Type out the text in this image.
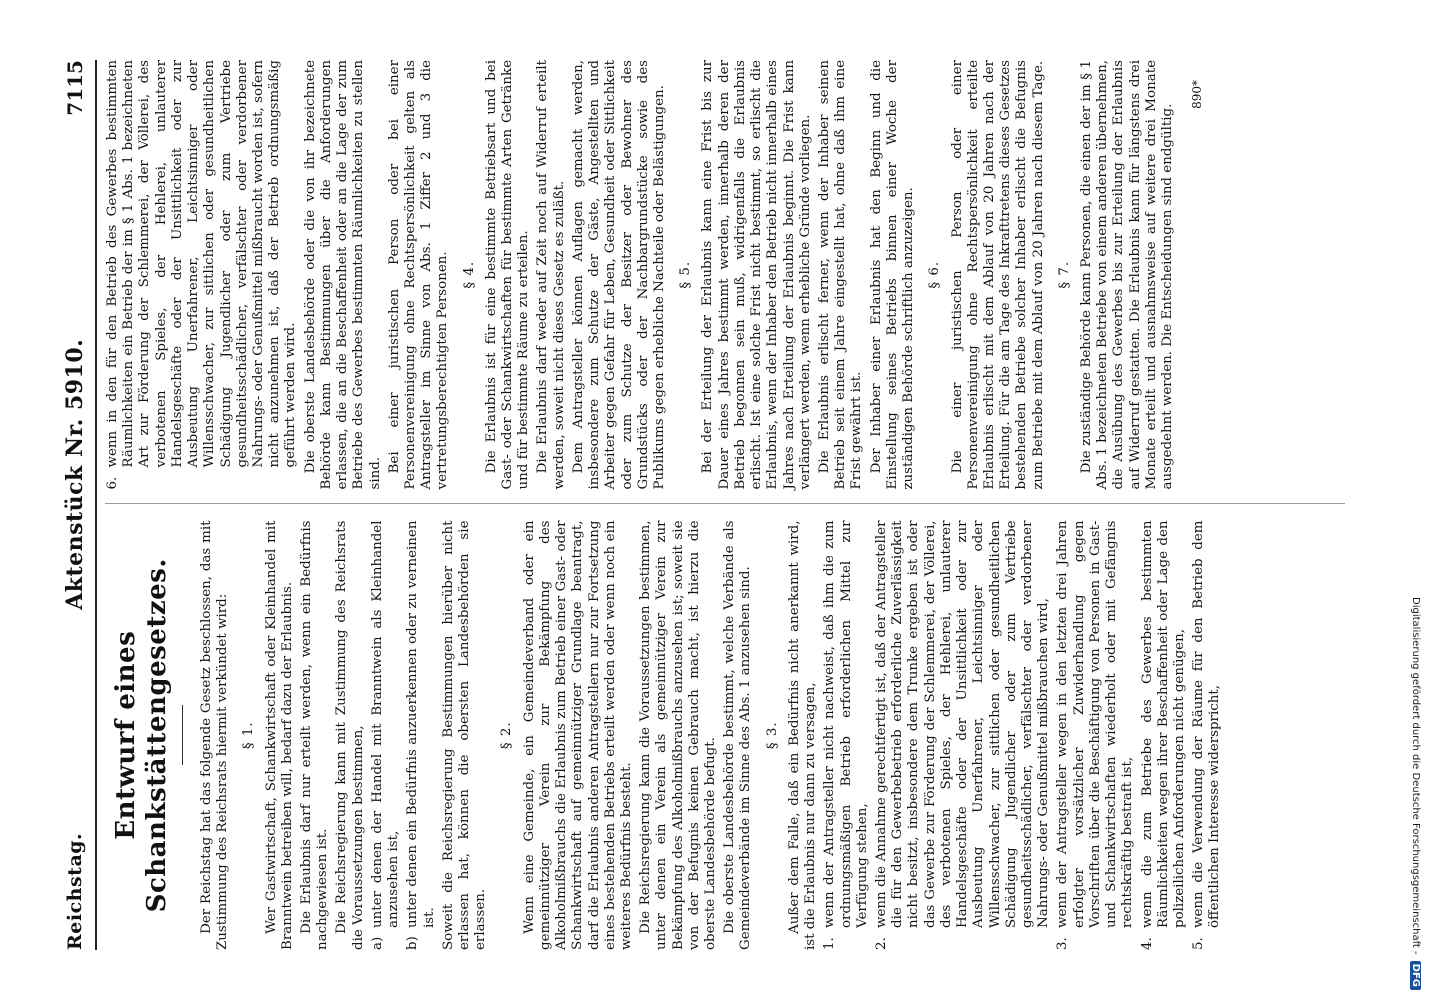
Reichstag.
Aktenstück Nr. 5910.
7115
Entwurf eines Schankstättengesetzes. Der Reichstag hat das folgende Gesetz beschlossen, das mit Zustimmung des Reichsrats hiermit verkündet wird: § 1. Wer Gastwirtschaft, Schankwirtschaft oder Kleinhandel mit Branntwein betreiben will, bedarf dazu der Erlaubnis. Die Erlaubnis darf nur erteilt werden, wenn ein Bedürfnis nachgewiesen ist. Die Reichsregierung kann mit Zustimmung des Reichsrats die Voraussetzungen bestimmen, a)
unter denen der Handel mit Branntwein als Kleinhandel anzusehen ist,
b)
unter denen ein Bedürfnis anzuerkennen oder zu verneinen ist. Soweit die Reichsregierung Bestimmungen hierüber nicht erlassen hat, können die obersten Landesbehörden sie erlassen.

§ 2. Wenn eine Gemeinde, ein Gemeindeverband oder ein gemeinnütziger Verein zur Bekämpfung des Alkoholmißbrauchs die Erlaubnis zum Betrieb einer Gast- oder Schankwirtschaft auf gemeinnütziger Grundlage beantragt, darf die Erlaubnis anderen Antragstellern nur zur Fortsetzung eines bestehenden Betriebs erteilt werden oder wenn noch ein weiteres Bedürfnis besteht. Die Reichsregierung kann die Voraussetzungen bestimmen, unter denen ein Verein als gemeinnütziger Verein zur Bekämpfung des Alkoholmißbrauchs anzusehen ist; soweit sie von der Befugnis keinen Gebrauch macht, ist hierzu die oberste Landesbehörde befugt. Die oberste Landesbehörde bestimmt, welche Verbände als Gemeindeverbände im Sinne des Abs. 1 anzusehen sind. § 3. Außer dem Falle, daß ein Bedürfnis nicht anerkannt wird, ist die Erlaubnis nur dann zu versagen, 1.
wenn der Antragsteller nicht nachweist, daß ihm die zum ordnungsmäßigen Betrieb erforderlichen Mittel zur Verfügung stehen,
2.
wenn die Annahme gerechtfertigt ist, daß der Antragsteller die für den Gewerbebetrieb erforderliche Zuverlässigkeit nicht besitzt, insbesondere dem Trunke ergeben ist oder das Gewerbe zur Förderung der Schlemmerei, der Völlerei, des verbotenen Spieles, der Hehlerei, unlauterer Handelsgeschäfte oder der Unsittlichkeit oder zur Ausbeutung Unerfahrener, Leichtsinniger oder Willensschwacher, zur sittlichen oder gesundheitlichen Schädigung Jugendlicher oder zum Vertriebe gesundheitsschädlicher, verfälschter oder verdorbener Nahrungs- oder Genußmittel mißbrauchen wird,
3.
wenn der Antragsteller wegen in den letzten drei Jahren erfolgter vorsätzlicher Zuwiderhandlung gegen Vorschriften über die Beschäftigung von Personen in Gast- und Schankwirtschaften wiederholt oder mit Gefängnis rechtskräftig bestraft ist,
4.
wenn die zum Betriebe des Gewerbes bestimmten Räumlichkeiten wegen ihrer Beschaffenheit oder Lage den polizeilichen Anforderungen nicht genügen,
5.
wenn die Verwendung der Räume für den Betrieb dem öffentlichen Interesse widerspricht,
6.
wenn in den für den Betrieb des Gewerbes bestimmten Räumlichkeiten ein Betrieb der im § 1 Abs. 1 bezeichneten Art zur Förderung der Schlemmerei, der Völlerei, des verbotenen Spieles, der Hehlerei, unlauterer Handelsgeschäfte oder der Unsittlichkeit oder zur Ausbeutung Unerfahrener, Leichtsinniger oder Willensschwacher, zur sittlichen oder gesundheitlichen Schädigung Jugendlicher oder zum Vertriebe gesundheitsschädlicher, verfälschter oder verdorbener Nahrungs- oder Genußmittel mißbraucht worden ist, sofern nicht anzunehmen ist, daß der Betrieb ordnungsmäßig geführt werden wird. Die oberste Landesbehörde oder die von ihr bezeichnete Behörde kann Bestimmungen über die Anforderungen erlassen, die an die Beschaffenheit oder an die Lage der zum Betriebe des Gewerbes bestimmten Räumlichkeiten zu stellen sind. Bei einer juristischen Person oder bei einer Personenvereinigung ohne Rechtspersönlichkeit gelten als Antragsteller im Sinne von Abs. 1 Ziffer 2 und 3 die vertretungsberechtigten Personen. § 4. Die Erlaubnis ist für eine bestimmte Betriebsart und bei Gast- oder Schankwirtschaften für bestimmte Arten Getränke und für bestimmte Räume zu erteilen. Die Erlaubnis darf weder auf Zeit noch auf Widerruf erteilt werden, soweit nicht dieses Gesetz es zuläßt. Dem Antragsteller können Auflagen gemacht werden, insbesondere zum Schutze der Gäste, Angestellten und Arbeiter gegen Gefahr für Leben, Gesundheit oder Sittlichkeit oder zum Schutze der Besitzer oder Bewohner des Grundstücks oder der Nachbargrundstücke sowie des Publikums gegen erhebliche Nachteile oder Belästigungen. § 5. Bei der Erteilung der Erlaubnis kann eine Frist bis zur Dauer eines Jahres bestimmt werden, innerhalb deren der Betrieb begonnen sein muß, widrigenfalls die Erlaubnis erlischt. Ist eine solche Frist nicht bestimmt, so erlischt die Erlaubnis, wenn der Inhaber den Betrieb nicht innerhalb eines Jahres nach Erteilung der Erlaubnis beginnt. Die Frist kann verlängert werden, wenn erhebliche Gründe vorliegen. Die Erlaubnis erlischt ferner, wenn der Inhaber seinen Betrieb seit einem Jahre eingestellt hat, ohne daß ihm eine Frist gewährt ist. Der Inhaber einer Erlaubnis hat den Beginn und die Einstellung seines Betriebs binnen einer Woche der zuständigen Behörde schriftlich anzuzeigen. § 6. Die einer juristischen Person oder einer Personenvereinigung ohne Rechtspersönlichkeit erteilte Erlaubnis erlischt mit dem Ablauf von 20 Jahren nach der Erteilung. Für die am Tage des Inkrafttretens dieses Gesetzes bestehenden Betriebe solcher Inhaber erlischt die Befugnis zum Betriebe mit dem Ablauf von 20 Jahren nach diesem Tage. § 7. Die zuständige Behörde kann Personen, die einen der im § 1 Abs. 1 bezeichneten Betriebe von einem anderen übernehmen, die Ausübung des Gewerbes bis zur Erteilung der Erlaubnis auf Widerruf gestatten. Die Erlaubnis kann für längstens drei Monate erteilt und ausnahmsweise auf weitere drei Monate ausgedehnt werden. Die Entscheidungen sind endgültig.

890*
Digitalisierung gefördert durch die Deutsche Forschungsgemeinschaft -
DFG
